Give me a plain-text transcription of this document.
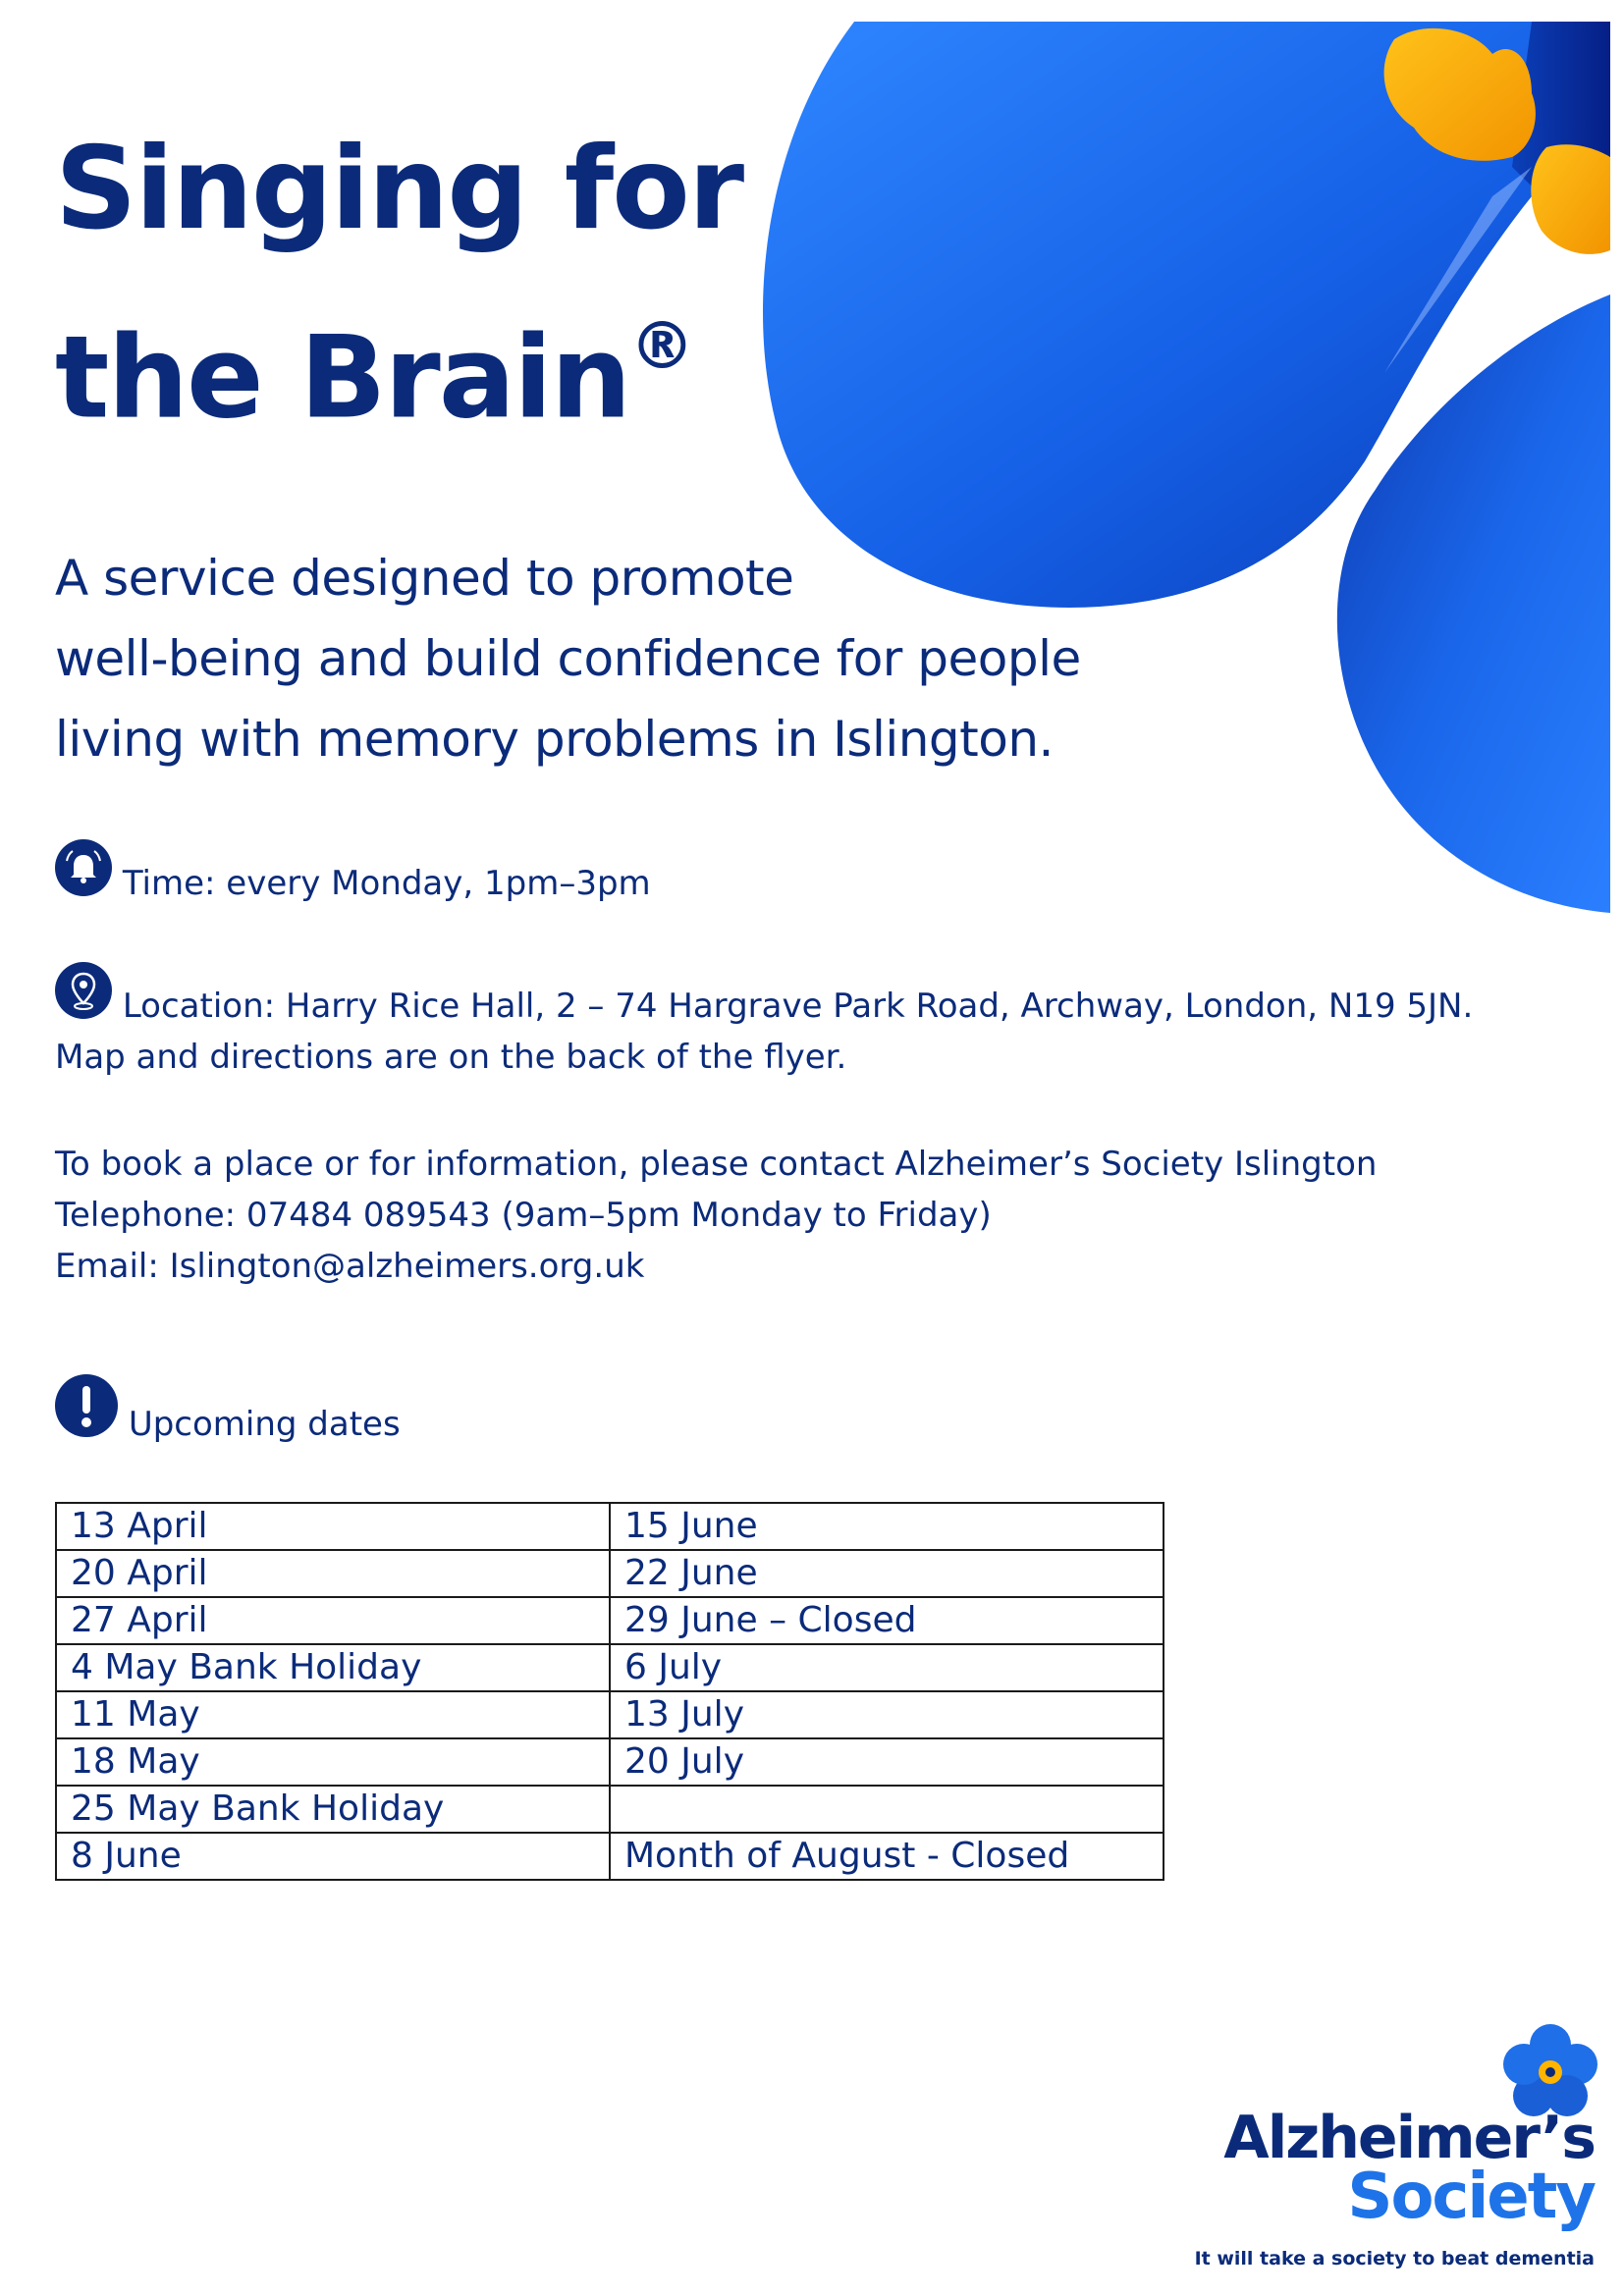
Singing for
the Brain®

A service designed to promote
well-being and build confidence for people
living with memory problems in Islington.

Time: every Monday, 1pm–3pm
Location: Harry Rice Hall, 2 – 74 Hargrave Park Road, Archway, London, N19 5JN.
Map and directions are on the back of the flyer.
To book a place or for information, please contact Alzheimer’s Society Islington
Telephone: 07484 089543 (9am–5pm Monday to Friday)
Email: Islington@alzheimers.org.uk
Upcoming dates
13 April	15 June
20 April	22 June
27 April	29 June – Closed
4 May Bank Holiday	6 July
11 May	13 July
18 May	20 July
25 May Bank Holiday	
8 June	Month of August - Closed
Alzheimer’s
Society
It will take a society to beat dementia
